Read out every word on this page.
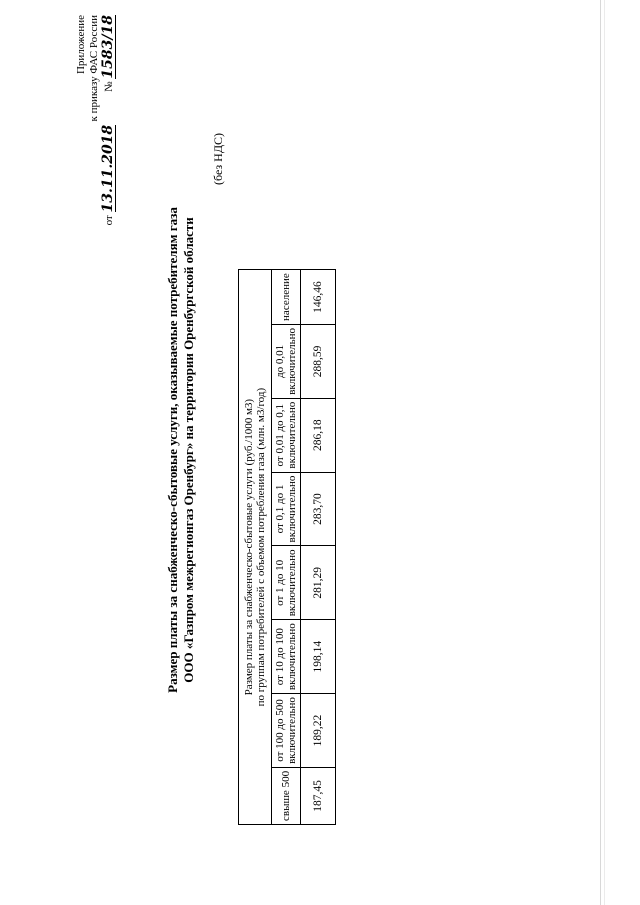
Приложение к приказу ФАС России
от 13.11.2018            № 1583/18
Размер платы за снабженческо-сбытовые услуги, оказываемые потребителям газа ООО «Газпром межрегионгаз Оренбург» на территории Оренбургской области
(без НДС)
Размер платы за снабженческо-сбытовые услуги (руб./1000 м3) по группам потребителей с объемом потребления газа (млн. м3/год)							

свыше 500	от 100 до 500 включительно	от 10 до 100 включительно	от 1 до 10 включительно	от 0,1 до 1 включительно	от 0,01 до 0,1 включительно	до 0,01 включительно	население

187,45	189,22	198,14	281,29	283,70	286,18	288,59	146,46
